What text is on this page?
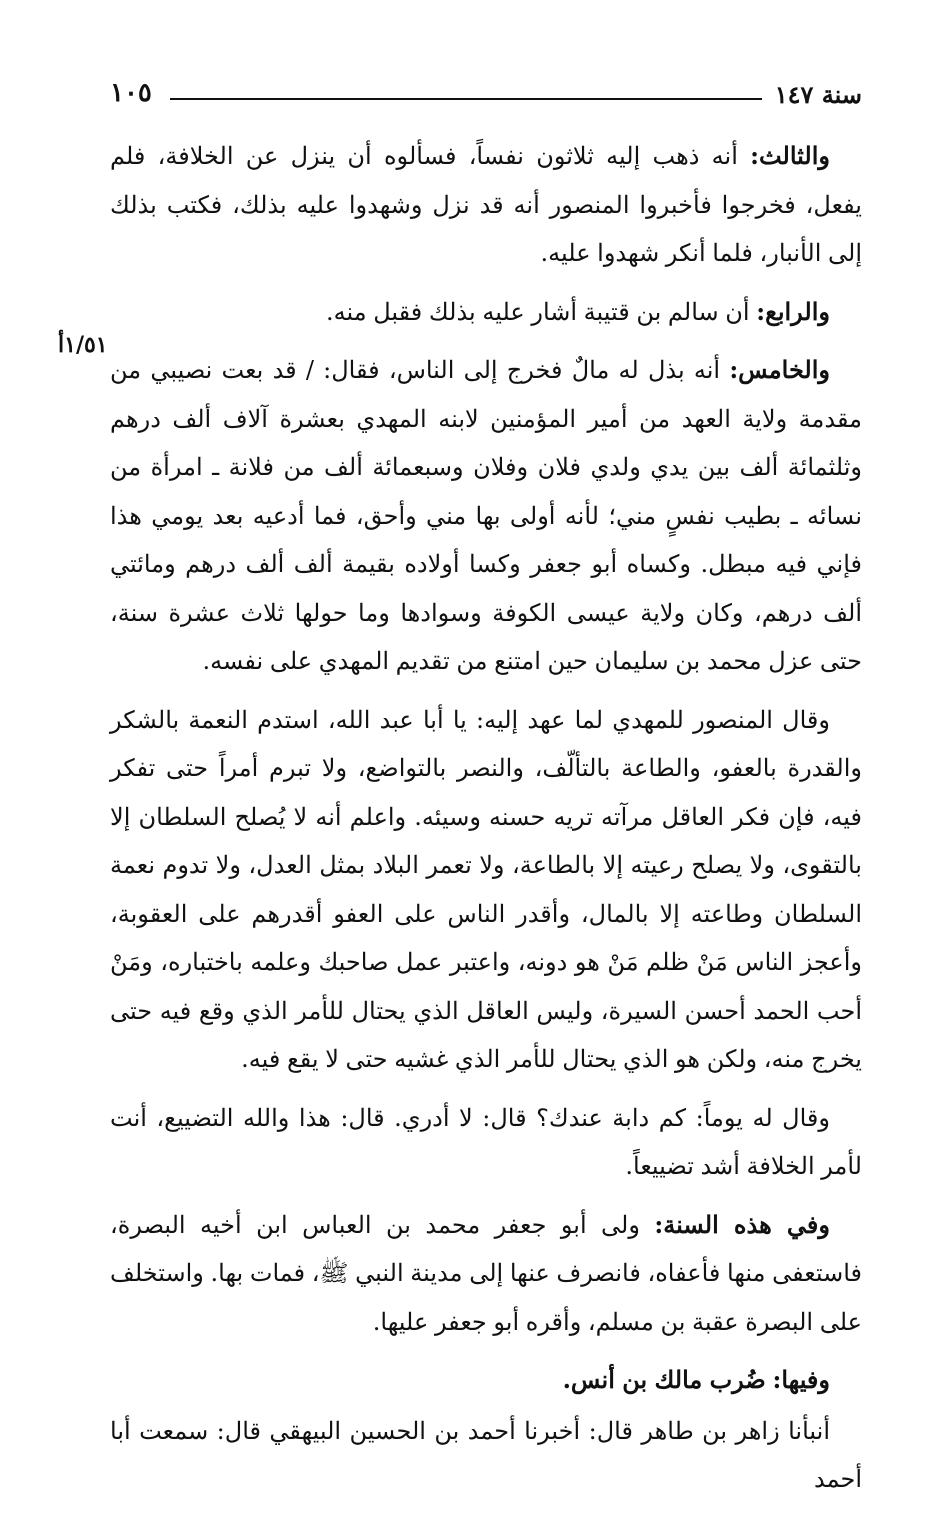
سنة ١٤٧
١٠٥
١/٥١أ

والثالث: أنه ذهب إليه ثلاثون نفساً، فسألوه أن ينزل عن الخلافة، فلم يفعل، فخرجوا فأخبروا المنصور أنه قد نزل وشهدوا عليه بذلك، فكتب بذلك إلى الأنبار، فلما أنكر شهدوا عليه.

والرابع: أن سالم بن قتيبة أشار عليه بذلك فقبل منه.

والخامس: أنه بذل له مالٌ فخرج إلى الناس، فقال: / قد بعت نصيبي من مقدمة ولاية العهد من أمير المؤمنين لابنه المهدي بعشرة آلاف ألف درهم وثلثمائة ألف بين يدي ولدي فلان وفلان وسبعمائة ألف من فلانة ـ امرأة من نسائه ـ بطيب نفسٍ مني؛ لأنه أولى بها مني وأحق، فما أدعيه بعد يومي هذا فإني فيه مبطل. وكساه أبو جعفر وكسا أولاده بقيمة ألف ألف درهم ومائتي ألف درهم، وكان ولاية عيسى الكوفة وسوادها وما حولها ثلاث عشرة سنة، حتى عزل محمد بن سليمان حين امتنع من تقديم المهدي على نفسه.

وقال المنصور للمهدي لما عهد إليه: يا أبا عبد الله، استدم النعمة بالشكر والقدرة بالعفو، والطاعة بالتألّف، والنصر بالتواضع، ولا تبرم أمراً حتى تفكر فيه، فإن فكر العاقل مرآته تريه حسنه وسيئه. واعلم أنه لا يُصلح السلطان إلا بالتقوى، ولا يصلح رعيته إلا بالطاعة، ولا تعمر البلاد بمثل العدل، ولا تدوم نعمة السلطان وطاعته إلا بالمال، وأقدر الناس على العفو أقدرهم على العقوبة، وأعجز الناس مَنْ ظلم مَنْ هو دونه، واعتبر عمل صاحبك وعلمه باختباره، ومَنْ أحب الحمد أحسن السيرة، وليس العاقل الذي يحتال للأمر الذي وقع فيه حتى يخرج منه، ولكن هو الذي يحتال للأمر الذي غشيه حتى لا يقع فيه.

وقال له يوماً: كم دابة عندك؟ قال: لا أدري. قال: هذا والله التضييع، أنت لأمر الخلافة أشد تضييعاً.

وفي هذه السنة: ولى أبو جعفر محمد بن العباس ابن أخيه البصرة، فاستعفى منها فأعفاه، فانصرف عنها إلى مدينة النبي ﷺ، فمات بها. واستخلف على البصرة عقبة بن مسلم، وأقره أبو جعفر عليها.

وفيها: ضُرب مالك بن أنس.

أنبأنا زاهر بن طاهر قال: أخبرنا أحمد بن الحسين البيهقي قال: سمعت أبا أحمد
